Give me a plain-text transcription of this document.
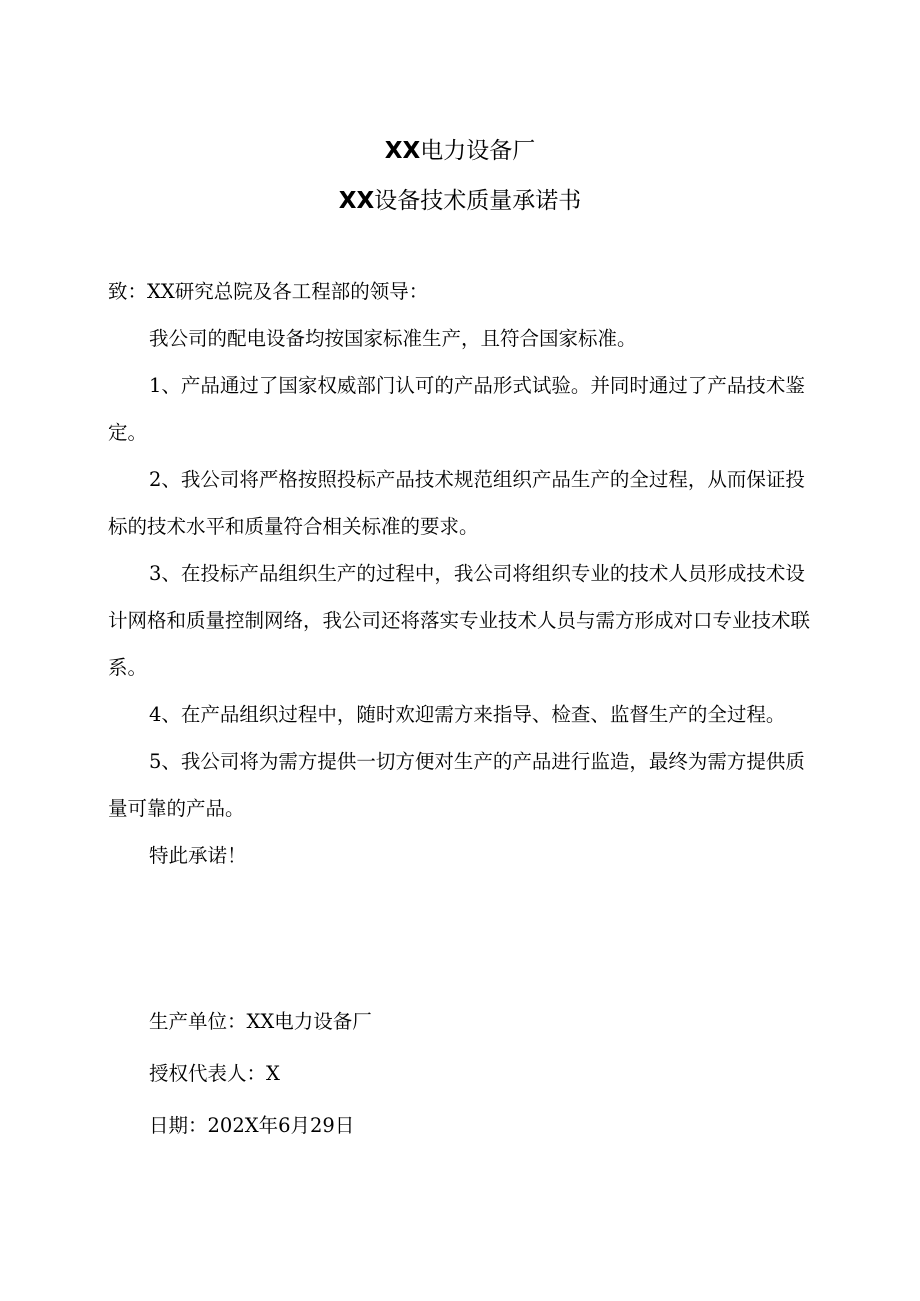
XX电力设备厂
XX设备技术质量承诺书

致：XX研究总院及各工程部的领导：

我公司的配电设备均按国家标准生产，且符合国家标准。

1、产品通过了国家权威部门认可的产品形式试验。并同时通过了产品技术鉴定。

2、我公司将严格按照投标产品技术规范组织产品生产的全过程，从而保证投标的技术水平和质量符合相关标准的要求。

3、在投标产品组织生产的过程中，我公司将组织专业的技术人员形成技术设计网格和质量控制网络，我公司还将落实专业技术人员与需方形成对口专业技术联系。

4、在产品组织过程中，随时欢迎需方来指导、检查、监督生产的全过程。

5、我公司将为需方提供一切方便对生产的产品进行监造，最终为需方提供质量可靠的产品。

特此承诺！

生产单位：XX电力设备厂
授权代表人：X
日期：202X年6月29日
